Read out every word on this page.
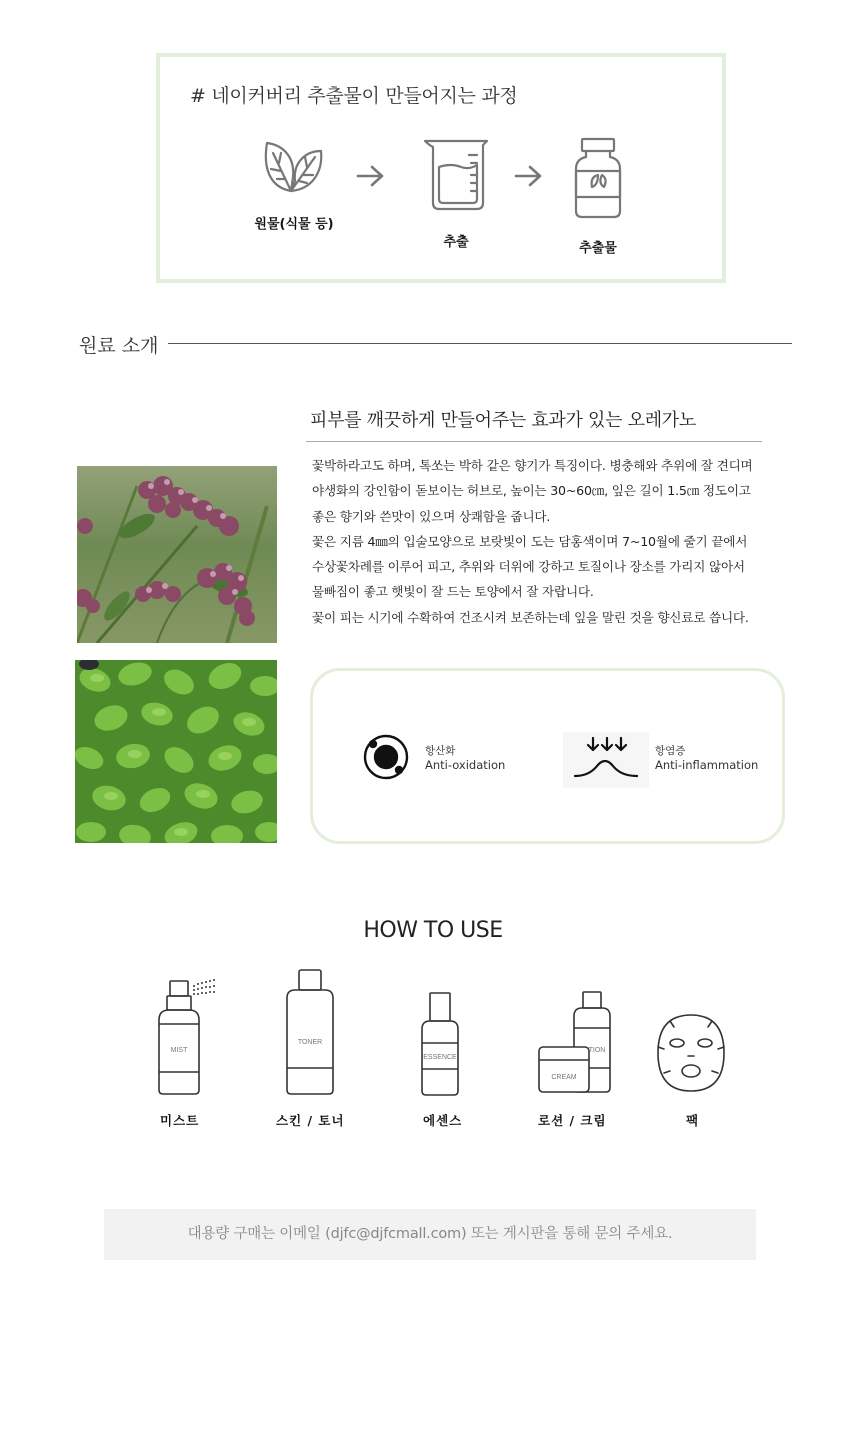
# 네이커버리 추출물이 만들어지는 과정
원물(식물 등)
추출	추출물
원료 소개
피부를 깨끗하게 만들어주는 효과가 있는 오레가노

꽃박하라고도 하며, 톡쏘는 박하 같은 향기가 특징이다. 병충해와 추위에 잘 견디며

야생화의 강인함이 돋보이는 허브로, 높이는 30~60㎝, 잎은 길이 1.5㎝ 정도이고

좋은 향기와 쓴맛이 있으며 상쾌함을 줍니다.

꽃은 지름 4㎜의 입술모양으로 보랏빛이 도는 담홍색이며 7~10월에 줄기 끝에서

수상꽃차례를 이루어 피고, 추위와 더위에 강하고 토질이나 장소를 가리지 않아서

물빠짐이 좋고 햇빛이 잘 드는 토양에서 잘 자랍니다.

꽃이 피는 시기에 수확하여 건조시켜 보존하는데 잎을 말린 것을 향신료로 씁니다.

항산화
Anti-oxidation
항염증
Anti-inflammation
HOW TO USE
MIST
미스트
TONER
스킨 / 토너
ESSENCE
에센스
TION
CREAM
로션 / 크림	팩
대용량 구매는 이메일 (djfc@djfcmall.com) 또는 게시판을 통해 문의 주세요.
